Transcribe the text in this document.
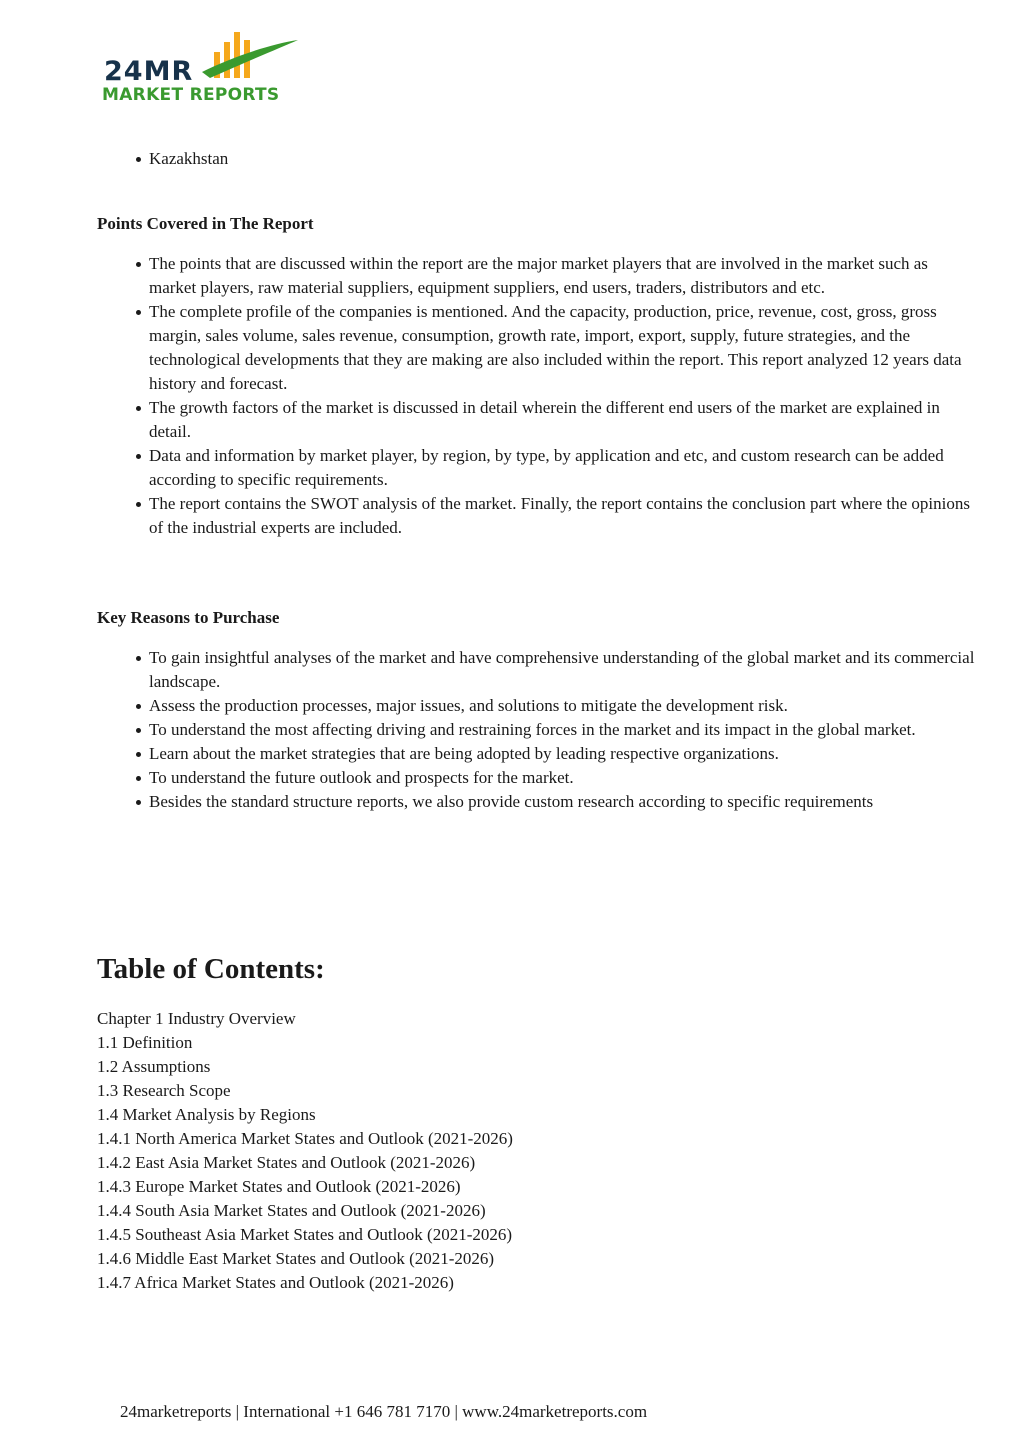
24MR
MARKET REPORTS
Kazakhstan
Points Covered in The Report
The points that are discussed within the report are the major market players that are involved in the market such as market players, raw material suppliers, equipment suppliers, end users, traders, distributors and etc.
The complete profile of the companies is mentioned. And the capacity, production, price, revenue, cost, gross, gross margin, sales volume, sales revenue, consumption, growth rate, import, export, supply, future strategies, and the technological developments that they are making are also included within the report. This report analyzed 12 years data history and forecast.
The growth factors of the market is discussed in detail wherein the different end users of the market are explained in detail.
Data and information by market player, by region, by type, by application and etc, and custom research can be added according to specific requirements.
The report contains the SWOT analysis of the market. Finally, the report contains the conclusion part where the opinions of the industrial experts are included.
Key Reasons to Purchase
To gain insightful analyses of the market and have comprehensive understanding of the global market and its commercial landscape.
Assess the production processes, major issues, and solutions to mitigate the development risk.
To understand the most affecting driving and restraining forces in the market and its impact in the global market.
Learn about the market strategies that are being adopted by leading respective organizations.
To understand the future outlook and prospects for the market.
Besides the standard structure reports, we also provide custom research according to specific requirements
Table of Contents:
Chapter 1 Industry Overview
1.1 Definition
1.2 Assumptions
1.3 Research Scope
1.4 Market Analysis by Regions
1.4.1 North America Market States and Outlook (2021-2026)
1.4.2 East Asia Market States and Outlook (2021-2026)
1.4.3 Europe Market States and Outlook (2021-2026)
1.4.4 South Asia Market States and Outlook (2021-2026)
1.4.5 Southeast Asia Market States and Outlook (2021-2026)
1.4.6 Middle East Market States and Outlook (2021-2026)
1.4.7 Africa Market States and Outlook (2021-2026)
24marketreports | International +1 646 781 7170 | www.24marketreports.com
